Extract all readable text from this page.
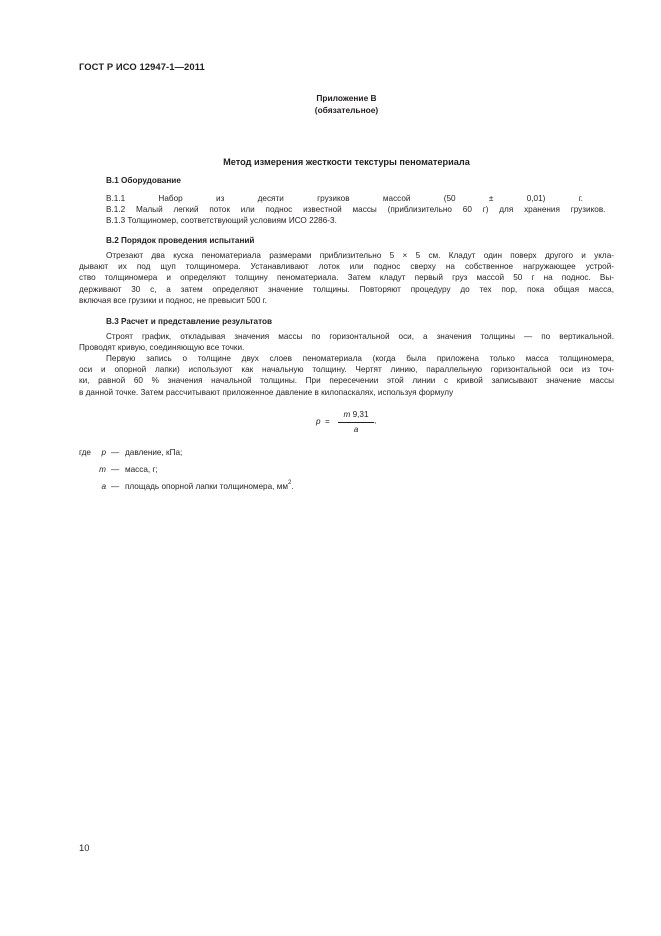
ГОСТ Р ИСО 12947-1—2011
Приложение В
(обязательное)
Метод измерения жесткости текстуры пеноматериала
В.1 Оборудование
В.1.1 Набор из десяти грузиков массой (50 ± 0,01) г.
В.1.2 Малый легкий поток или поднос известной массы (приблизительно 60 г) для хранения грузиков.
В.1.3 Толщиномер, соответствующий условиям ИСО 2286-3.
В.2 Порядок проведения испытаний
Отрезают два куска пеноматериала размерами приблизительно 5 × 5 см. Кладут один поверх другого и укла-
дывают их под щуп толщиномера. Устанавливают лоток или поднос сверху на собственное нагружающее устрой-
ство толщиномера и определяют толщину пеноматериала. Затем кладут первый груз массой 50 г на поднос. Вы-
держивают 30 с, а затем определяют значение толщины. Повторяют процедуру до тех пор, пока общая масса,
включая все грузики и поднос, не превысит 500 г.
В.3 Расчет и представление результатов
Строят график, откладывая значения массы по горизонтальной оси, а значения толщины — по вертикальной.
Проводят кривую, соединяющую все точки.
Первую запись о толщине двух слоев пеноматериала (когда была приложена только масса толщиномера,
оси и опорной лапки) используют как начальную толщину. Чертят линию, параллельную горизонтальной оси из точ-
ки, равной 60 % значения начальной толщины. При пересечении этой линии с кривой записывают значение массы
в данной точке. Затем рассчитывают приложенное давление в килопаскалях, используя формулу
p =
m 9,31
a
,
где	p — давление, кПа;
m — масса, г;
a — площадь опорной лапки толщиномера, $мм^2$.
10
